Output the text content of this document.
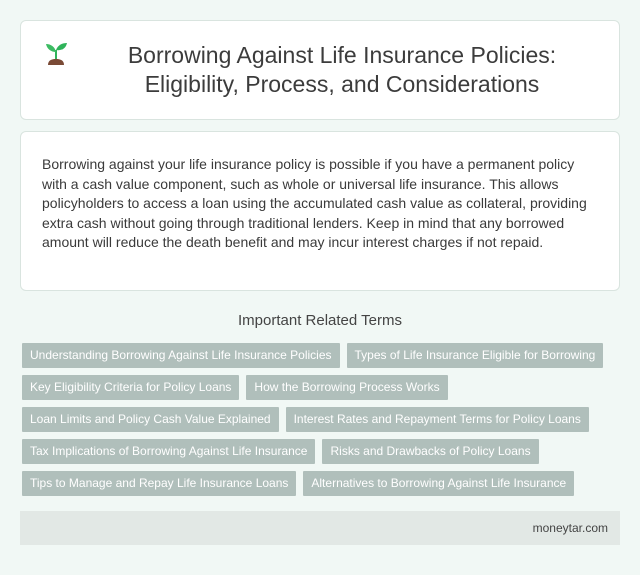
Borrowing Against Life Insurance Policies: Eligibility, Process, and Considerations

Borrowing against your life insurance policy is possible if you have a permanent policy with a cash value component, such as whole or universal life insurance. This allows policyholders to access a loan using the accumulated cash value as collateral, providing extra cash without going through traditional lenders. Keep in mind that any borrowed amount will reduce the death benefit and may incur interest charges if not repaid.

Important Related Terms
Understanding Borrowing Against Life Insurance Policies	Types of Life Insurance Eligible for Borrowing
Key Eligibility Criteria for Policy Loans	How the Borrowing Process Works
Loan Limits and Policy Cash Value Explained	Interest Rates and Repayment Terms for Policy Loans
Tax Implications of Borrowing Against Life Insurance	Risks and Drawbacks of Policy Loans
Tips to Manage and Repay Life Insurance Loans	Alternatives to Borrowing Against Life Insurance
moneytar.com
